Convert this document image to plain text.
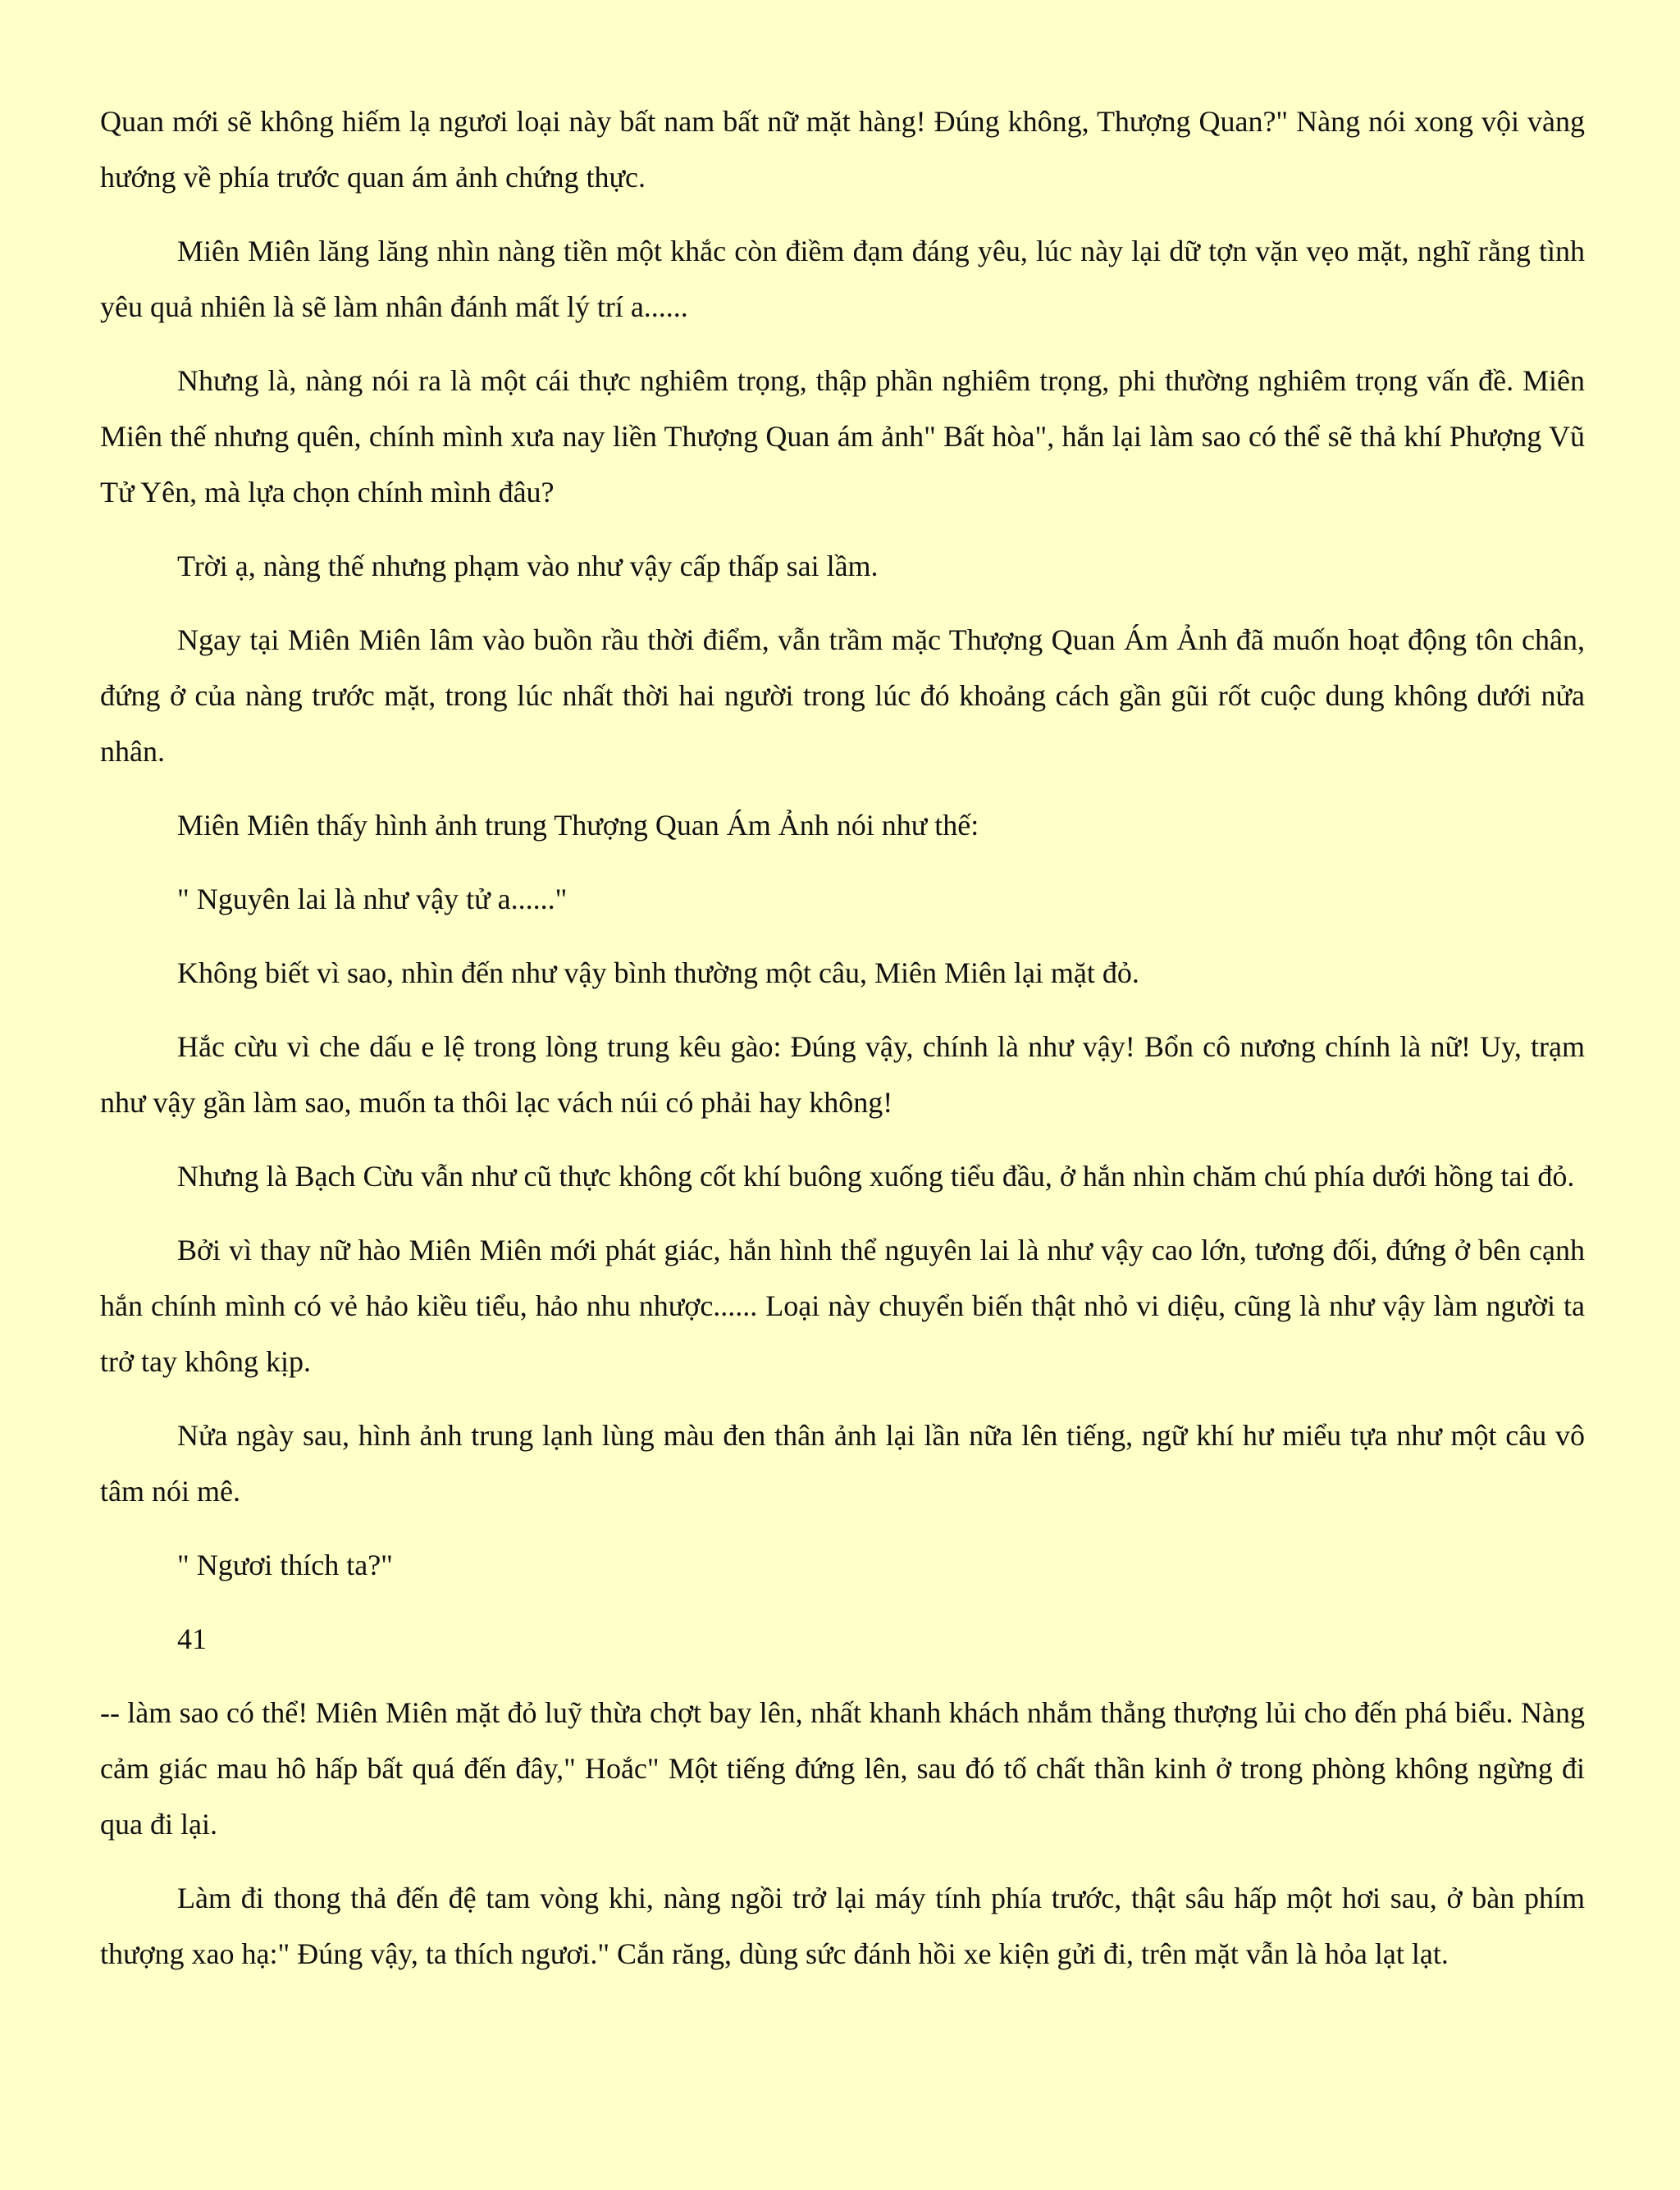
Quan mới sẽ không hiếm lạ ngươi loại này bất nam bất nữ mặt hàng! Đúng không, Thượng Quan?" Nàng nói xong vội vàng hướng về phía trước quan ám ảnh chứng thực.

Miên Miên lăng lăng nhìn nàng tiền một khắc còn điềm đạm đáng yêu, lúc này lại dữ tợn vặn vẹo mặt, nghĩ rằng tình yêu quả nhiên là sẽ làm nhân đánh mất lý trí a......

Nhưng là, nàng nói ra là một cái thực nghiêm trọng, thập phần nghiêm trọng, phi thường nghiêm trọng vấn đề. Miên Miên thế nhưng quên, chính mình xưa nay liền Thượng Quan ám ảnh" Bất hòa", hắn lại làm sao có thể sẽ thả khí Phượng Vũ Tử Yên, mà lựa chọn chính mình đâu?

Trời ạ, nàng thế nhưng phạm vào như vậy cấp thấp sai lầm.

Ngay tại Miên Miên lâm vào buồn rầu thời điểm, vẫn trầm mặc Thượng Quan Ám Ảnh đã muốn hoạt động tôn chân, đứng ở của nàng trước mặt, trong lúc nhất thời hai người trong lúc đó khoảng cách gần gũi rốt cuộc dung không dưới nửa nhân.

Miên Miên thấy hình ảnh trung Thượng Quan Ám Ảnh nói như thế:

" Nguyên lai là như vậy tử a......"

Không biết vì sao, nhìn đến như vậy bình thường một câu, Miên Miên lại mặt đỏ.

Hắc cừu vì che dấu e lệ trong lòng trung kêu gào: Đúng vậy, chính là như vậy! Bổn cô nương chính là nữ! Uy, trạm như vậy gần làm sao, muốn ta thôi lạc vách núi có phải hay không!

Nhưng là Bạch Cừu vẫn như cũ thực không cốt khí buông xuống tiểu đầu, ở hắn nhìn chăm chú phía dưới hồng tai đỏ.

Bởi vì thay nữ hào Miên Miên mới phát giác, hắn hình thể nguyên lai là như vậy cao lớn, tương đối, đứng ở bên cạnh hắn chính mình có vẻ hảo kiều tiểu, hảo nhu nhược...... Loại này chuyển biến thật nhỏ vi diệu, cũng là như vậy làm người ta trở tay không kịp.

Nửa ngày sau, hình ảnh trung lạnh lùng màu đen thân ảnh lại lần nữa lên tiếng, ngữ khí hư miểu tựa như một câu vô tâm nói mê.

" Ngươi thích ta?"

41

-- làm sao có thể! Miên Miên mặt đỏ luỹ thừa chợt bay lên, nhất khanh khách nhắm thẳng thượng lủi cho đến phá biểu. Nàng cảm giác mau hô hấp bất quá đến đây," Hoắc" Một tiếng đứng lên, sau đó tố chất thần kinh ở trong phòng không ngừng đi qua đi lại.

Làm đi thong thả đến đệ tam vòng khi, nàng ngồi trở lại máy tính phía trước, thật sâu hấp một hơi sau, ở bàn phím thượng xao hạ:" Đúng vậy, ta thích ngươi." Cắn răng, dùng sức đánh hồi xe kiện gửi đi, trên mặt vẫn là hỏa lạt lạt.
